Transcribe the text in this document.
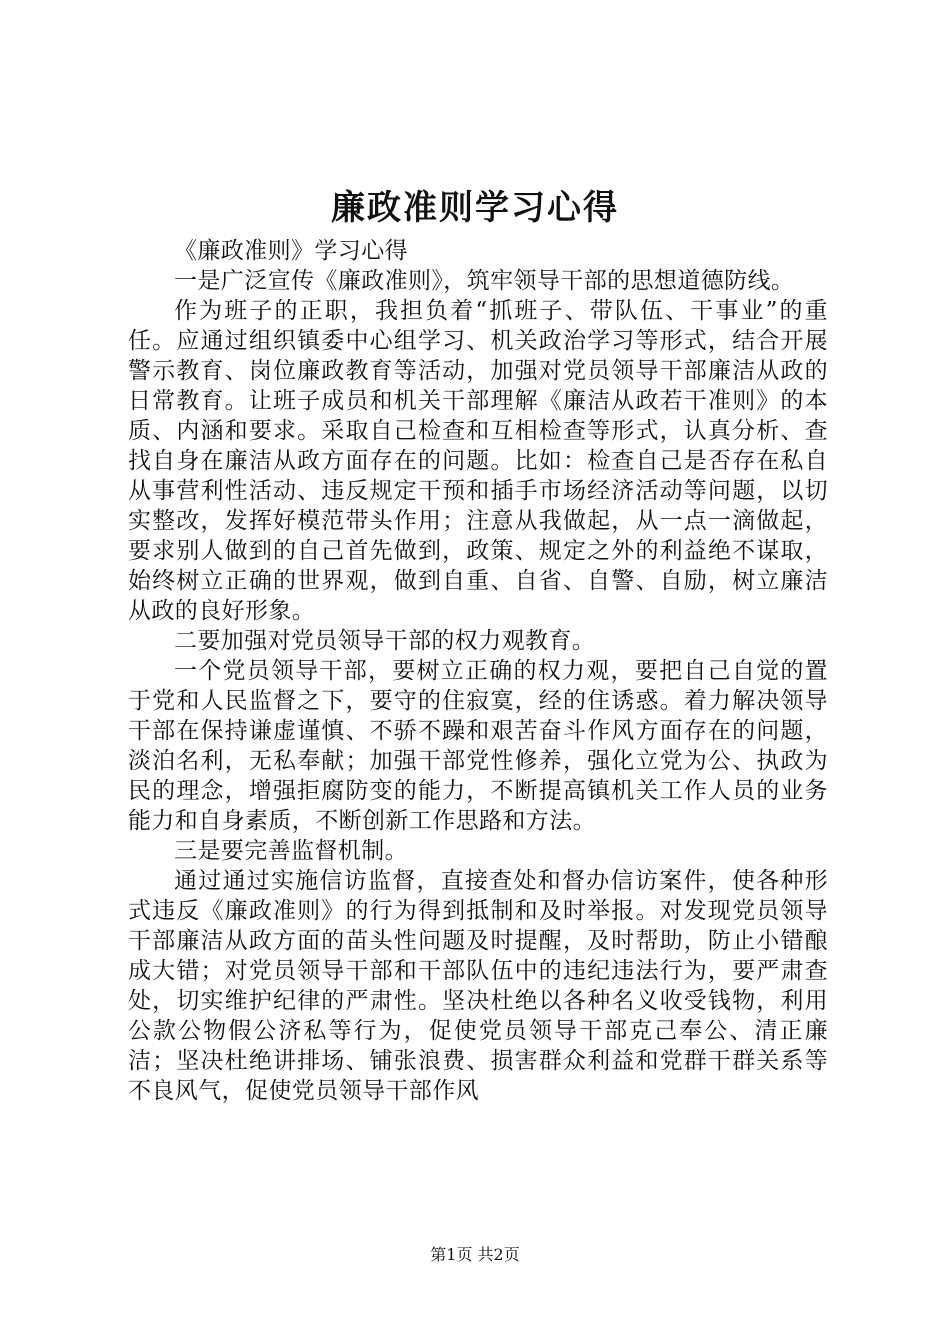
廉政准则学习心得

《廉政准则》学习心得

一是广泛宣传《廉政准则》，筑牢领导干部的思想道德防线。

作为班子的正职，我担负着“抓班子、带队伍、干事业”的重任。应通过组织镇委中心组学习、机关政治学习等形式，结合开展警示教育、岗位廉政教育等活动，加强对党员领导干部廉洁从政的日常教育。让班子成员和机关干部理解《廉洁从政若干准则》的本质、内涵和要求。采取自己检查和互相检查等形式，认真分析、查找自身在廉洁从政方面存在的问题。比如：检查自己是否存在私自从事营利性活动、违反规定干预和插手市场经济活动等问题，以切实整改，发挥好模范带头作用；注意从我做起，从一点一滴做起，要求别人做到的自己首先做到，政策、规定之外的利益绝不谋取，始终树立正确的世界观，做到自重、自省、自警、自励，树立廉洁从政的良好形象。

二要加强对党员领导干部的权力观教育。

一个党员领导干部，要树立正确的权力观，要把自己自觉的置于党和人民监督之下，要守的住寂寞，经的住诱惑。着力解决领导干部在保持谦虚谨慎、不骄不躁和艰苦奋斗作风方面存在的问题，淡泊名利，无私奉献；加强干部党性修养，强化立党为公、执政为民的理念，增强拒腐防变的能力，不断提高镇机关工作人员的业务能力和自身素质，不断创新工作思路和方法。

三是要完善监督机制。

通过通过实施信访监督，直接查处和督办信访案件，使各种形式违反《廉政准则》的行为得到抵制和及时举报。对发现党员领导干部廉洁从政方面的苗头性问题及时提醒，及时帮助，防止小错酿成大错；对党员领导干部和干部队伍中的违纪违法行为，要严肃查处，切实维护纪律的严肃性。坚决杜绝以各种名义收受钱物，利用公款公物假公济私等行为，促使党员领导干部克己奉公、清正廉洁；坚决杜绝讲排场、铺张浪费、损害群众利益和党群干群关系等不良风气，促使党员领导干部作风

第1页 共2页
